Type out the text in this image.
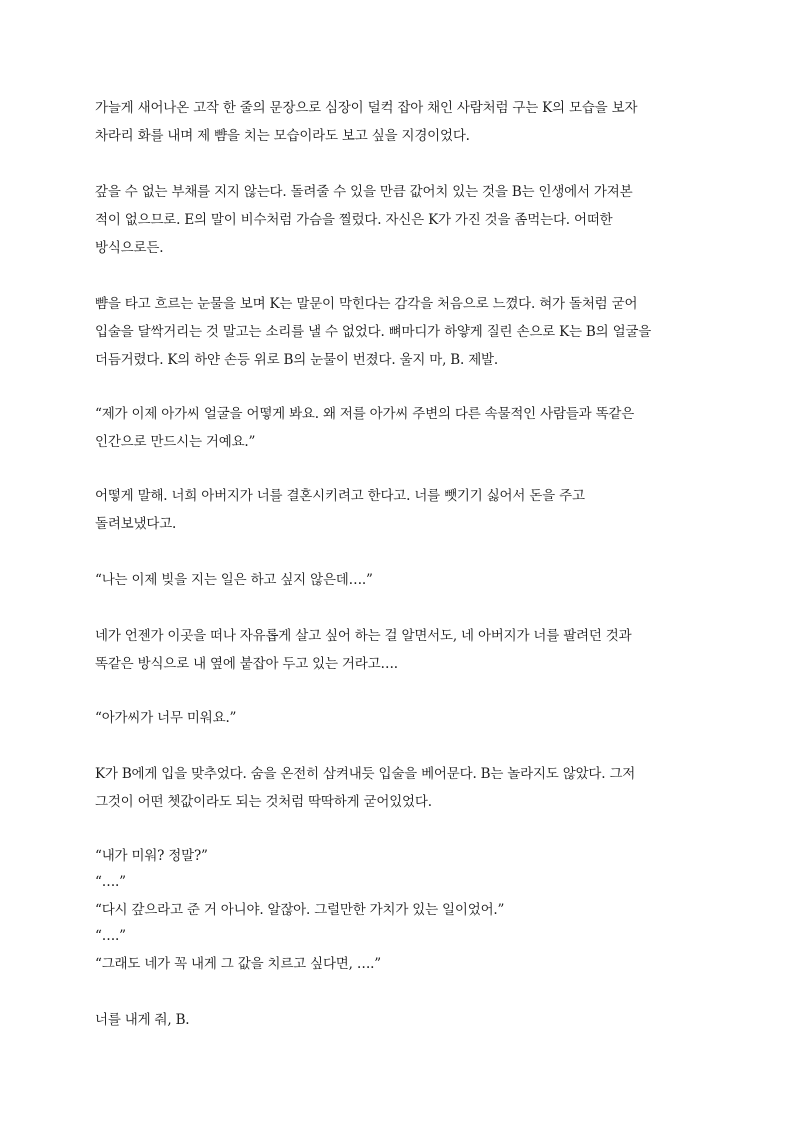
가늘게 새어나온 고작 한 줄의 문장으로 심장이 덜컥 잡아 채인 사람처럼 구는 K의 모습을 보자
차라리 화를 내며 제 뺨을 치는 모습이라도 보고 싶을 지경이었다.
갚을 수 없는 부채를 지지 않는다. 돌려줄 수 있을 만큼 값어치 있는 것을 B는 인생에서 가져본
적이 없으므로. E의 말이 비수처럼 가슴을 찔렀다. 자신은 K가 가진 것을 좀먹는다. 어떠한
방식으로든.
뺨을 타고 흐르는 눈물을 보며 K는 말문이 막힌다는 감각을 처음으로 느꼈다. 혀가 돌처럼 굳어
입술을 달싹거리는 것 말고는 소리를 낼 수 없었다. 뼈마디가 하얗게 질린 손으로 K는 B의 얼굴을
더듬거렸다. K의 하얀 손등 위로 B의 눈물이 번졌다. 울지 마, B. 제발.
“제가 이제 아가씨 얼굴을 어떻게 봐요. 왜 저를 아가씨 주변의 다른 속물적인 사람들과 똑같은
인간으로 만드시는 거예요.”
어떻게 말해. 너희 아버지가 너를 결혼시키려고 한다고. 너를 뺏기기 싫어서 돈을 주고
돌려보냈다고.
“나는 이제 빚을 지는 일은 하고 싶지 않은데….”
네가 언젠가 이곳을 떠나 자유롭게 살고 싶어 하는 걸 알면서도, 네 아버지가 너를 팔려던 것과
똑같은 방식으로 내 옆에 붙잡아 두고 있는 거라고….
“아가씨가 너무 미워요.”
K가 B에게 입을 맞추었다. 숨을 온전히 삼켜내듯 입술을 베어문다. B는 놀라지도 않았다. 그저
그것이 어떤 쳇값이라도 되는 것처럼 딱딱하게 굳어있었다.
“내가 미워? 정말?”
“….”
“다시 갚으라고 준 거 아니야. 알잖아. 그럴만한 가치가 있는 일이었어.”
“….”
“그래도 네가 꼭 내게 그 값을 치르고 싶다면, ….”
너를 내게 줘, B.
